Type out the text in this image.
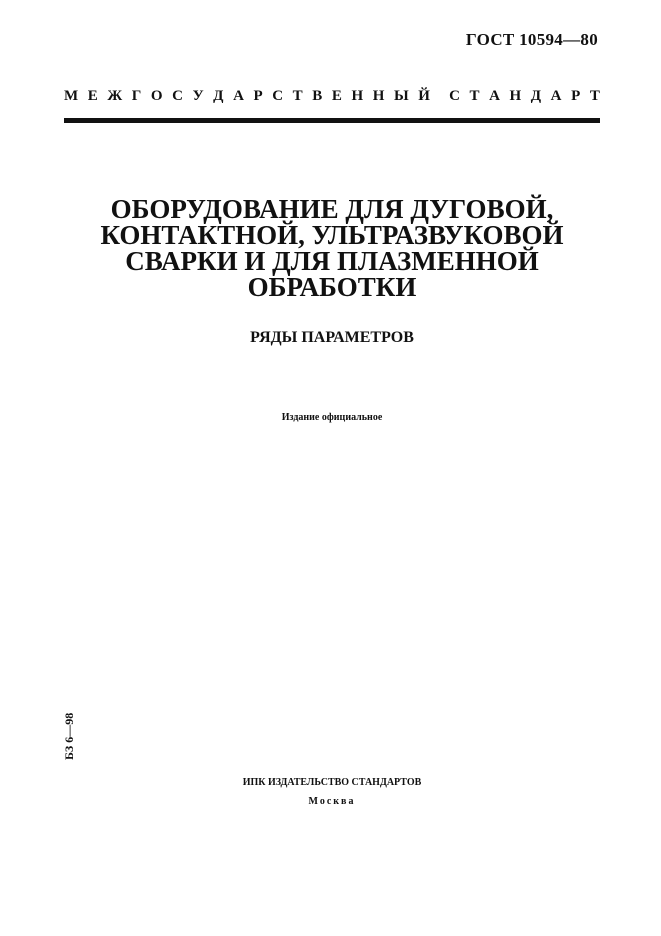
ГОСТ 10594—80
М Е Ж Г О С У Д А Р С Т В Е Н Н Ы Й С Т А Н Д А Р Т
ОБОРУДОВАНИЕ ДЛЯ ДУГОВОЙ,
КОНТАКТНОЙ, УЛЬТРАЗВУКОВОЙ
СВАРКИ И ДЛЯ ПЛАЗМЕННОЙ
ОБРАБОТКИ
РЯДЫ ПАРАМЕТРОВ
Издание официальное
БЗ 6—98
ИПК ИЗДАТЕЛЬСТВО СТАНДАРТОВ
Москва
